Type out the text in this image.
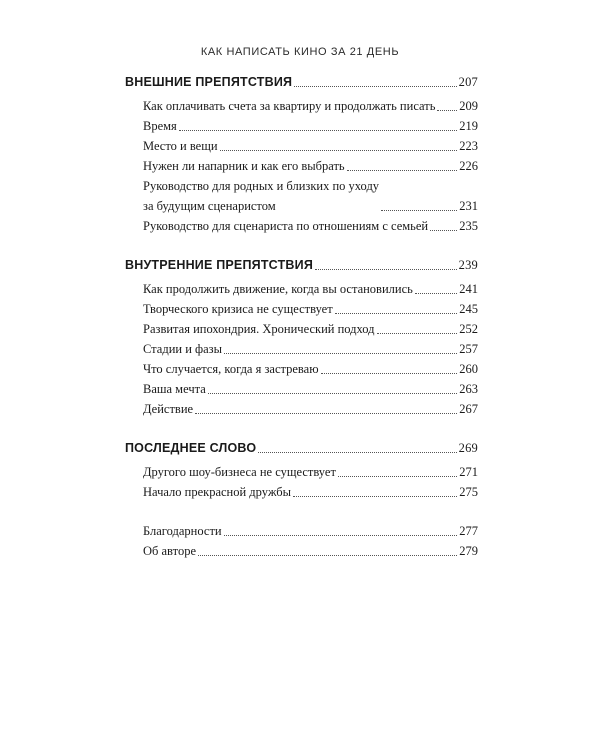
КАК НАПИСАТЬ КИНО ЗА 21 ДЕНЬ
ВНЕШНИЕ ПРЕПЯТСТВИЯ	207
Как оплачивать счета за квартиру и продолжать писать 209
Время	219
Место и вещи	223
Нужен ли напарник и как его выбрать	226
Руководство для родных и близких по уходу
за будущим сценаристом	231
Руководство для сценариста по отношениям с семьей 235
ВНУТРЕННИЕ ПРЕПЯТСТВИЯ	239
Как продолжить движение, когда вы остановились	241
Творческого кризиса не существует	245
Развитая ипохондрия. Хронический подход	252
Стадии и фазы	257
Что случается, когда я застреваю	260
Ваша мечта	263
Действие	267
ПОСЛЕДНЕЕ СЛОВО	269
Другого шоу-бизнеса не существует	271
Начало прекрасной дружбы	275
Благодарности	277
Об авторе	279
